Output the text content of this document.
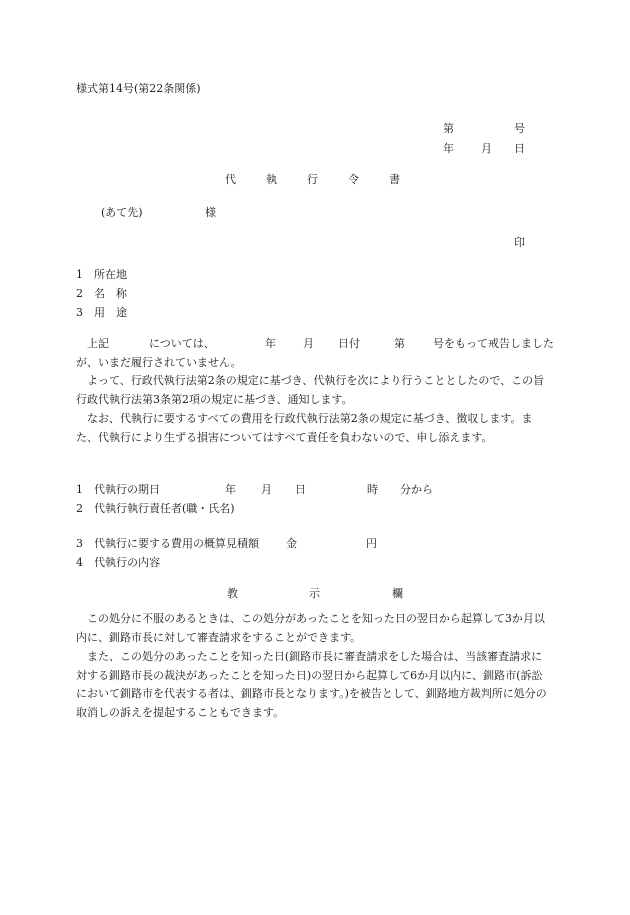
様式第14号(第22条関係)
第	号
年 月 日
代	執	行	令	書
(あて先)	様
印
1 所在地
2 名　称
3 用　途
上記	については、	年 月 日付	第	号をもって戒告しました
が、いまだ履行されていません。
よって、行政代執行法第2条の規定に基づき、代執行を次により行うこととしたので、この旨行政代執行法第3条第2項の規定に基づき、通知します。
なお、代執行に要するすべての費用を行政代執行法第2条の規定に基づき、徴収します。また、代執行により生ずる損害についてはすべて責任を負わないので、申し添えます。
1 代執行の期日	年 月 日	時 分から
2 代執行執行責任者(職・氏名)
3 代執行に要する費用の概算見積額 金	円
4 代執行の内容
教	示	欄
この処分に不服のあるときは、この処分があったことを知った日の翌日から起算して3か月以内に、釧路市長に対して審査請求をすることができます。
また、この処分のあったことを知った日(釧路市長に審査請求をした場合は、当該審査請求に対する釧路市長の裁決があったことを知った日)の翌日から起算して6か月以内に、釧路市(訴訟において釧路市を代表する者は、釧路市長となります。)を被告として、釧路地方裁判所に処分の取消しの訴えを提起することもできます。
